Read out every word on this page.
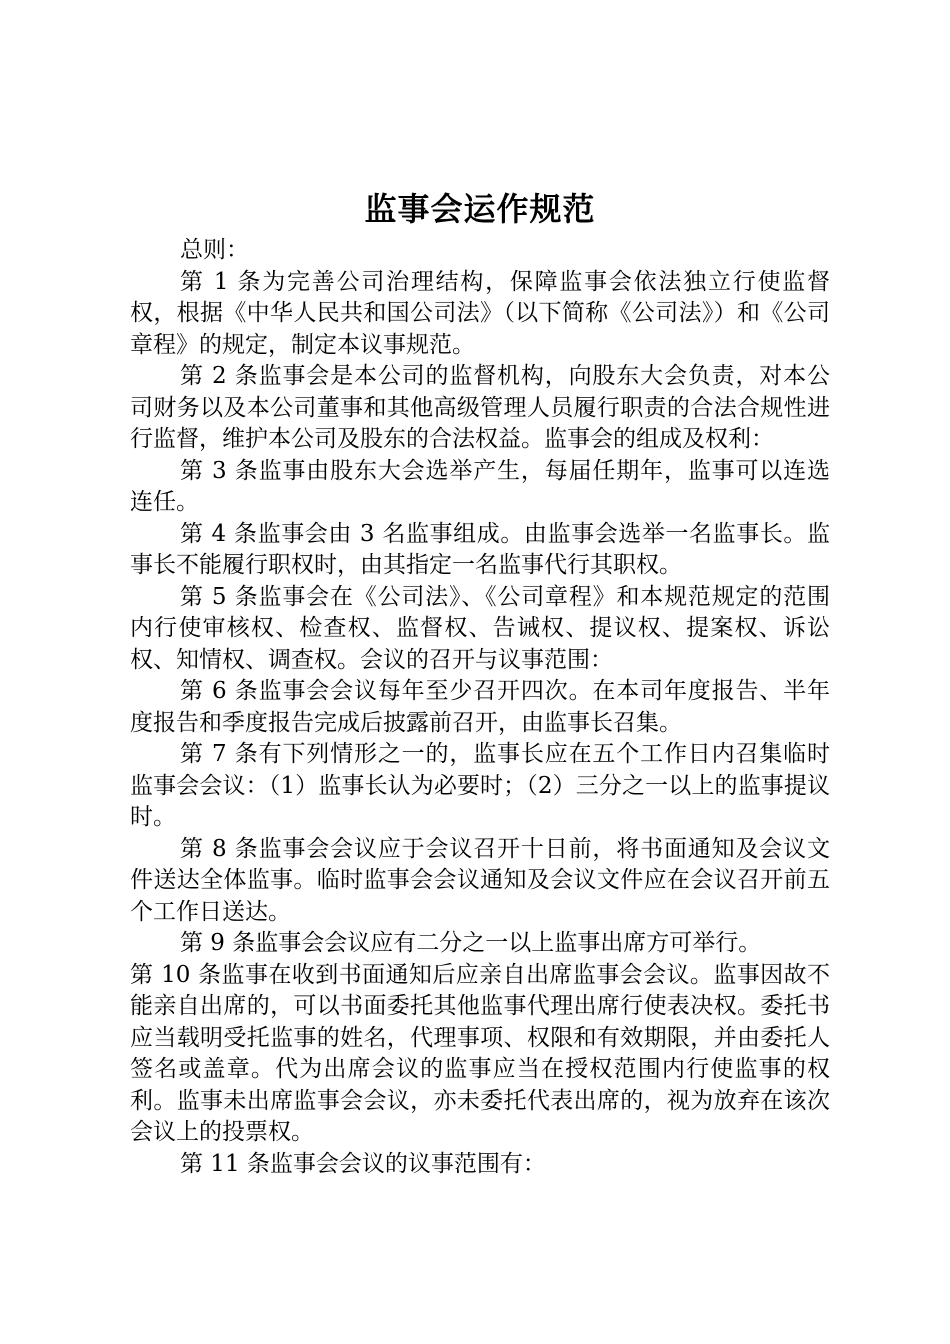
监事会运作规范

总则：

第 1 条为完善公司治理结构，保障监事会依法独立行使监督权，根据《中华人民共和国公司法》（以下简称《公司法》）和《公司章程》的规定，制定本议事规范。

第 2 条监事会是本公司的监督机构，向股东大会负责，对本公司财务以及本公司董事和其他高级管理人员履行职责的合法合规性进行监督，维护本公司及股东的合法权益。监事会的组成及权利：

第 3 条监事由股东大会选举产生，每届任期年，监事可以连选连任。

第 4 条监事会由 3 名监事组成。由监事会选举一名监事长。监事长不能履行职权时，由其指定一名监事代行其职权。

第 5 条监事会在《公司法》、《公司章程》和本规范规定的范围内行使审核权、检查权、监督权、告诫权、提议权、提案权、诉讼权、知情权、调查权。会议的召开与议事范围：

第 6 条监事会会议每年至少召开四次。在本司年度报告、半年度报告和季度报告完成后披露前召开，由监事长召集。

第 7 条有下列情形之一的，监事长应在五个工作日内召集临时监事会会议：（1）监事长认为必要时；（2）三分之一以上的监事提议时。

第 8 条监事会会议应于会议召开十日前，将书面通知及会议文件送达全体监事。临时监事会会议通知及会议文件应在会议召开前五个工作日送达。

第 9 条监事会会议应有二分之一以上监事出席方可举行。

第 10 条监事在收到书面通知后应亲自出席监事会会议。监事因故不能亲自出席的，可以书面委托其他监事代理出席行使表决权。委托书应当载明受托监事的姓名，代理事项、权限和有效期限，并由委托人签名或盖章。代为出席会议的监事应当在授权范围内行使监事的权利。监事未出席监事会会议，亦未委托代表出席的，视为放弃在该次会议上的投票权。

第 11 条监事会会议的议事范围有：
